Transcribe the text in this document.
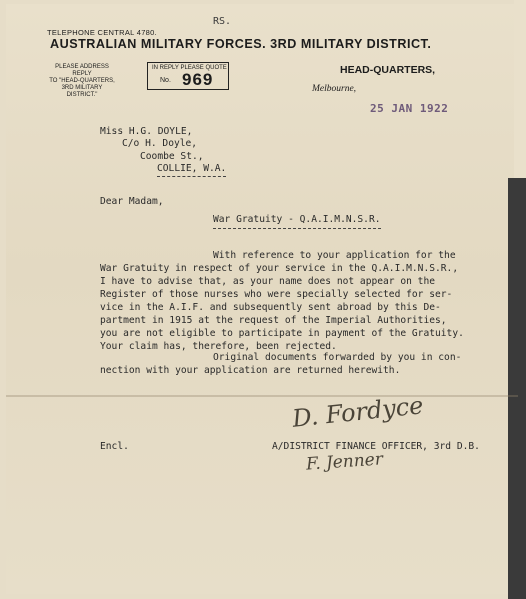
RS.
TELEPHONE CENTRAL 4780.
AUSTRALIAN MILITARY FORCES. 3RD MILITARY DISTRICT.
PLEASE ADDRESS REPLY
TO "HEAD-QUARTERS,
3RD MILITARY DISTRICT."
IN REPLY PLEASE QUOTE
No. 969	HEAD-QUARTERS,
Melbourne,
25 JAN 1922
Miss H.G. DOYLE,
C/o H. Doyle,
Coombe St.,
COLLIE, W.A.
Dear Madam,
War Gratuity - Q.A.I.M.N.S.R.
With reference to your application for the
War Gratuity in respect of your service in the Q.A.I.M.N.S.R.,
I have to advise that, as your name does not appear on the
Register of those nurses who were specially selected for ser-
vice in the A.I.F. and subsequently sent abroad by this De-
partment in 1915 at the request of the Imperial Authorities,
you are not eligible to participate in payment of the Gratuity.
Your claim has, therefore, been rejected.
Original documents forwarded by you in con-
nection with your application are returned herewith.
D. Fordyce
A/DISTRICT FINANCE OFFICER, 3rd D.B.
F. Jenner
Encl.
